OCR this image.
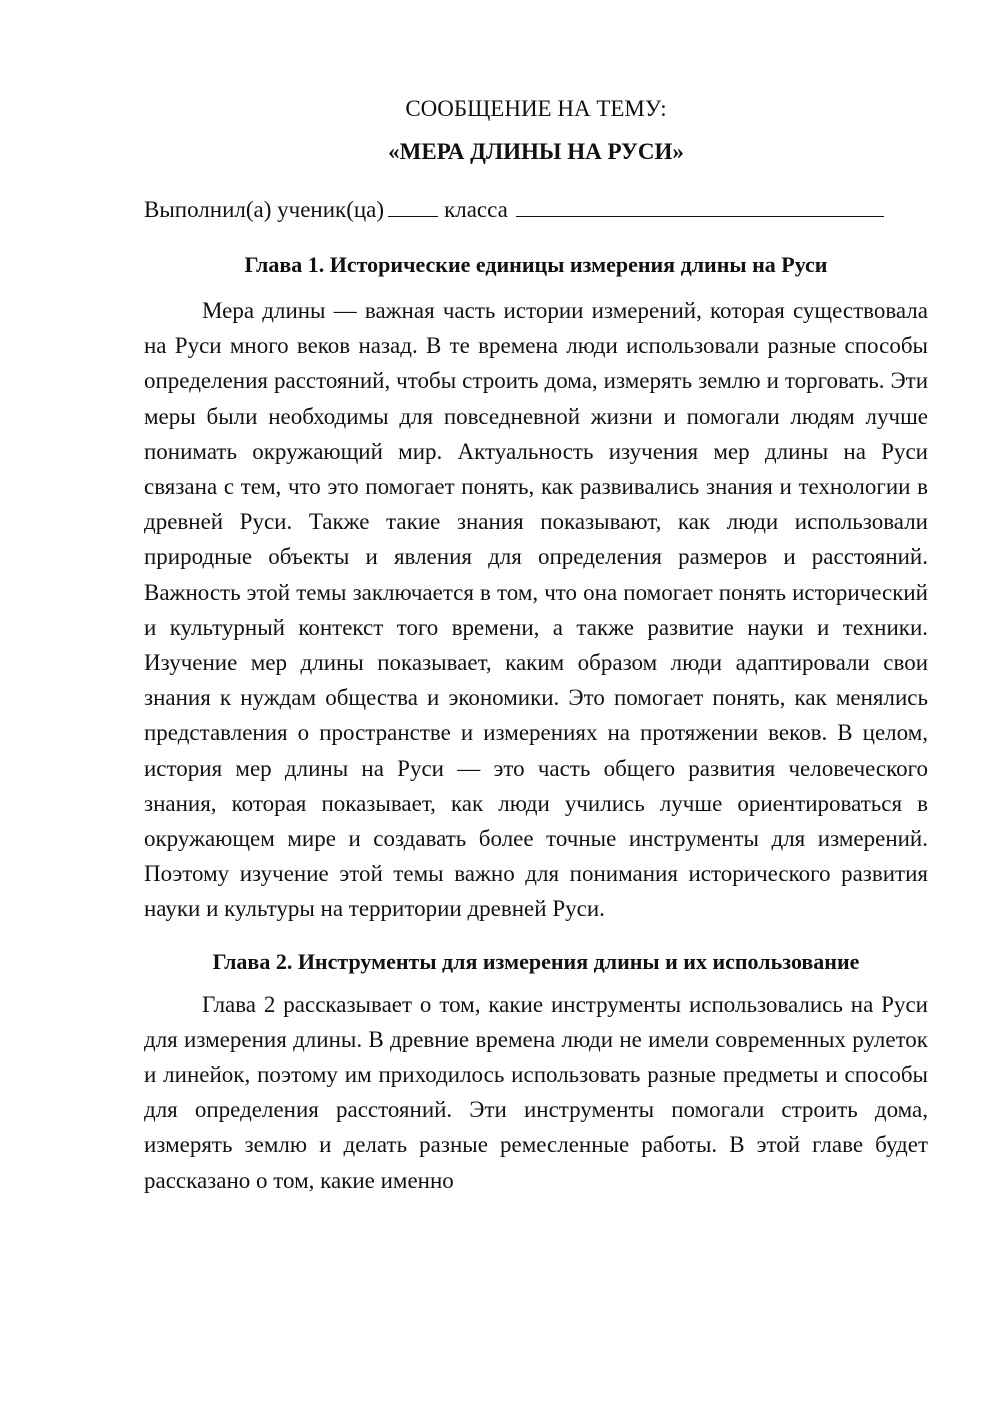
СООБЩЕНИЕ НА ТЕМУ:

«МЕРА ДЛИНЫ НА РУСИ»

Выполнил(а) ученик(ца)	класса

Глава 1. Исторические единицы измерения длины на Руси

Мера длины — важная часть истории измерений, которая существовала на Руси много веков назад. В те времена люди использовали разные способы определения расстояний, чтобы строить дома, измерять землю и торговать. Эти меры были необходимы для повседневной жизни и помогали людям лучше понимать окружающий мир. Актуальность изучения мер длины на Руси связана с тем, что это помогает понять, как развивались знания и технологии в древней Руси. Также такие знания показывают, как люди использовали природные объекты и явления для определения размеров и расстояний. Важность этой темы заключается в том, что она помогает понять исторический и культурный контекст того времени, а также развитие науки и техники. Изучение мер длины показывает, каким образом люди адаптировали свои знания к нуждам общества и экономики. Это помогает понять, как менялись представления о пространстве и измерениях на протяжении веков. В целом, история мер длины на Руси — это часть общего развития человеческого знания, которая показывает, как люди учились лучше ориентироваться в окружающем мире и создавать более точные инструменты для измерений. Поэтому изучение этой темы важно для понимания исторического развития науки и культуры на территории древней Руси.

Глава 2. Инструменты для измерения длины и их использование

Глава 2 рассказывает о том, какие инструменты использовались на Руси для измерения длины. В древние времена люди не имели современных рулеток и линейок, поэтому им приходилось использовать разные предметы и способы для определения расстояний. Эти инструменты помогали строить дома, измерять землю и делать разные ремесленные работы. В этой главе будет рассказано о том, какие именно
